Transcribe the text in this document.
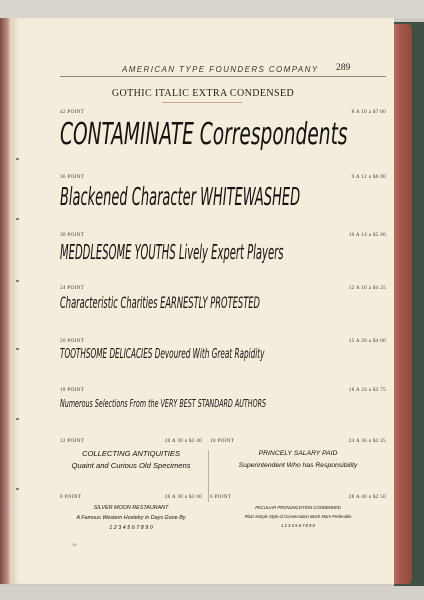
AMERICAN TYPE FOUNDERS COMPANY 289
GOTHIC ITALIC EXTRA CONDENSED
42 POINT	8 A 10 a $7 00
CONTAMINATE Correspondents
36 POINT	9 A 12 a $6 00
Blackened Character WHITEWASHED
30 POINT	10 A 14 a $5 00
MEDDLESOME YOUTHS Lively Expert Players
24 POINT	12 A 16 a $4 25
Characteristic Charities EARNESTLY PROTESTED
20 POINT	15 A 20 a $4 00
TOOTHSOME DELICACIES Devoured With Great Rapidity
18 POINT	18 A 24 a $3 75
Numerous Selections From the VERY BEST STANDARD AUTHORS
12 POINT	20 A 30 a $3 40
COLLECTING ANTIQUITIES
Quaint and Curious Old Specimens
10 POINT	24 A 36 a $3 25
PRINCELY SALARY PAID
Superintendent Who has Responsibility
8 POINT	26 A 38 a $3 00
SILVER MOON RESTAURANT
A Famous Western Hostelry in Days Gone By
1 2 3 4 5 6 7 8 9 0
6 POINT	28 A 40 a $2 50
PECULIAR PRONUNCIATION CONDEMNED
Plain Simple Style of Conversation Much More Preferable
1 2 3 4 5 6 7 8 9 0
19
